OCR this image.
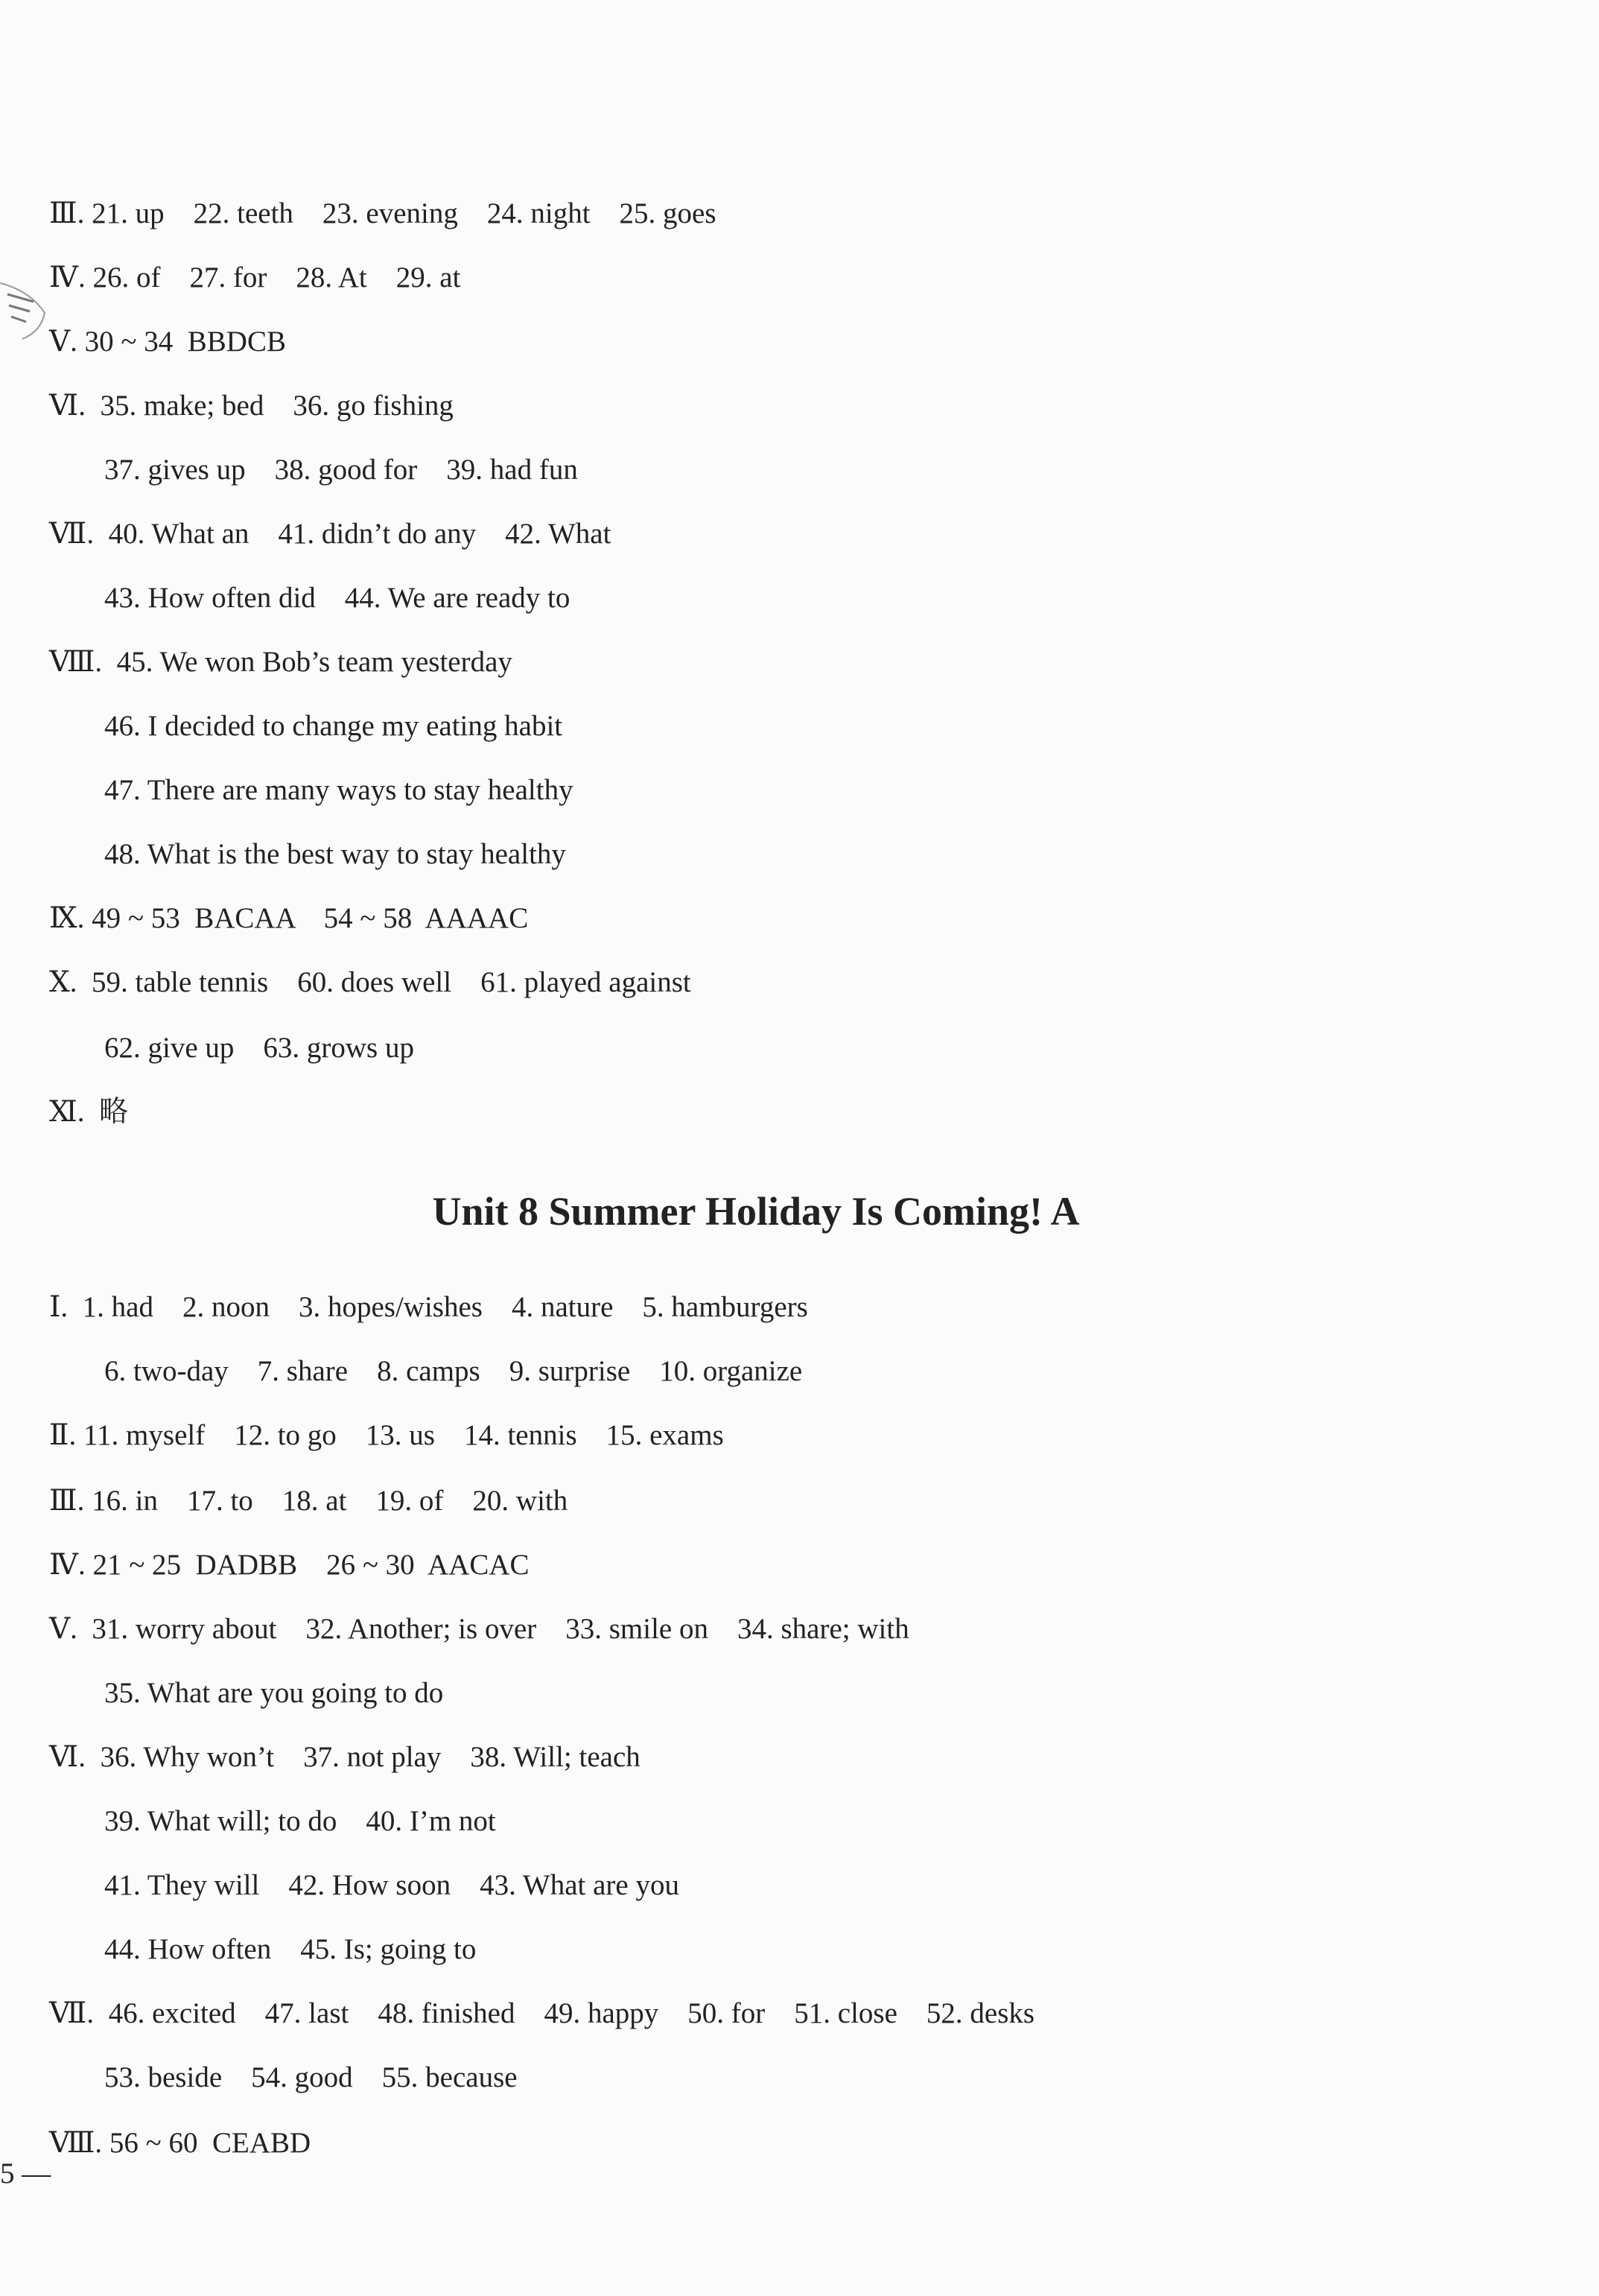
Ⅲ. 21. up    22. teeth    23. evening    24. night    25. goes
Ⅳ. 26. of    27. for    28. At    29. at
Ⅴ. 30 ~ 34  BBDCB
Ⅵ.  35. make; bed    36. go fishing
37. gives up    38. good for    39. had fun
Ⅶ.  40. What an    41. didn’t do any    42. What
43. How often did    44. We are ready to
Ⅷ.  45. We won Bob’s team yesterday
46. I decided to change my eating habit
47. There are many ways to stay healthy
48. What is the best way to stay healthy
Ⅸ. 49 ~ 53  BACAA    54 ~ 58  AAAAC
Ⅹ.  59. table tennis    60. does well    61. played against
62. give up    63. grows up
Ⅺ.  略
Unit 8 Summer Holiday Is Coming! A
Ⅰ.  1. had    2. noon    3. hopes/wishes    4. nature    5. hamburgers
6. two-day    7. share    8. camps    9. surprise    10. organize
Ⅱ. 11. myself    12. to go    13. us    14. tennis    15. exams
Ⅲ. 16. in    17. to    18. at    19. of    20. with
Ⅳ. 21 ~ 25  DADBB    26 ~ 30  AACAC
Ⅴ.  31. worry about    32. Another; is over    33. smile on    34. share; with
35. What are you going to do
Ⅵ.  36. Why won’t    37. not play    38. Will; teach
39. What will; to do    40. I’m not
41. They will    42. How soon    43. What are you
44. How often    45. Is; going to
Ⅶ.  46. excited    47. last    48. finished    49. happy    50. for    51. close    52. desks
53. beside    54. good    55. because
Ⅷ. 56 ~ 60  CEABD
5 —
